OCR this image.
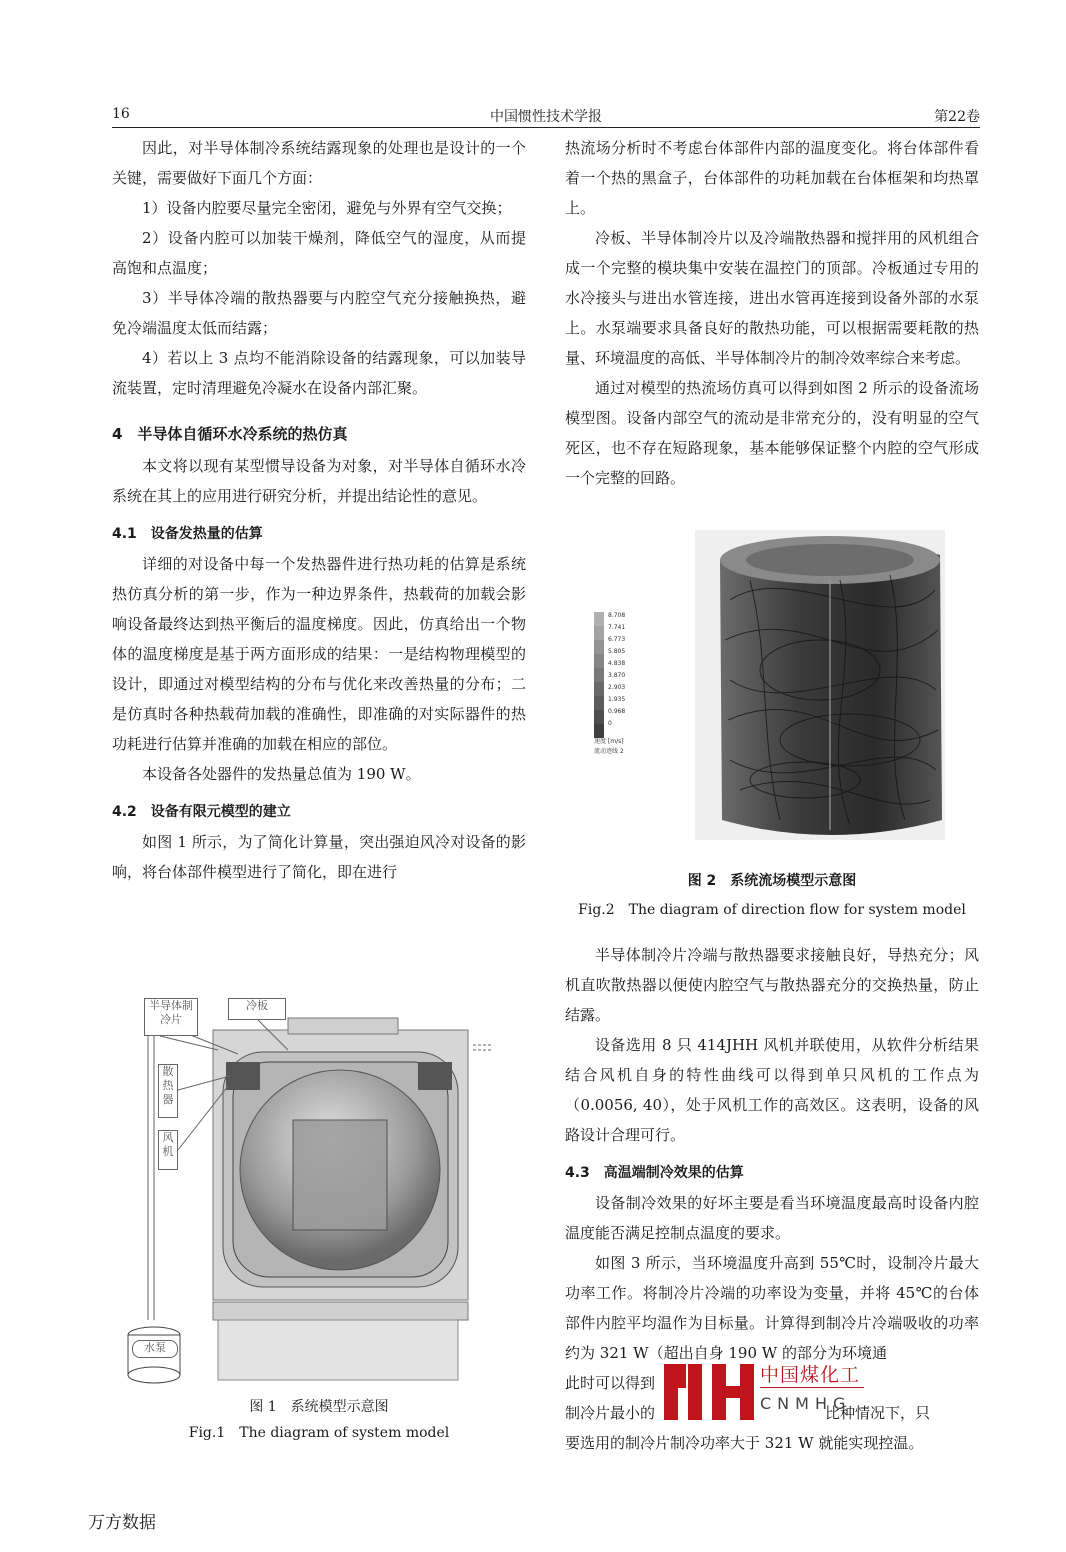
16	中国惯性技术学报	第22卷

因此，对半导体制冷系统结露现象的处理也是设计的一个关键，需要做好下面几个方面：

1）设备内腔要尽量完全密闭，避免与外界有空气交换；

2）设备内腔可以加装干燥剂，降低空气的湿度，从而提高饱和点温度；

3）半导体冷端的散热器要与内腔空气充分接触换热，避免冷端温度太低而结露；

4）若以上 3 点均不能消除设备的结露现象，可以加装导流装置，定时清理避免冷凝水在设备内部汇聚。

4　半导体自循环水冷系统的热仿真

本文将以现有某型惯导设备为对象，对半导体自循环水冷系统在其上的应用进行研究分析，并提出结论性的意见。

4.1　设备发热量的估算

详细的对设备中每一个发热器件进行热功耗的估算是系统热仿真分析的第一步，作为一种边界条件，热载荷的加载会影响设备最终达到热平衡后的温度梯度。因此，仿真给出一个物体的温度梯度是基于两方面形成的结果：一是结构物理模型的设计，即通过对模型结构的分布与优化来改善热量的分布；二是仿真时各种热载荷加载的准确性，即准确的对实际器件的热功耗进行估算并准确的加载在相应的部位。

本设备各处器件的发热量总值为 190 W。

4.2　设备有限元模型的建立

如图 1 所示，为了简化计算量，突出强迫风冷对设备的影响，将台体部件模型进行了简化，即在进行

热流场分析时不考虑台体部件内部的温度变化。将台体部件看着一个热的黑盒子，台体部件的功耗加载在台体框架和均热罩上。

冷板、半导体制冷片以及冷端散热器和搅拌用的风机组合成一个完整的模块集中安装在温控门的顶部。冷板通过专用的水冷接头与进出水管连接，进出水管再连接到设备外部的水泵上。水泵端要求具备良好的散热功能，可以根据需要耗散的热量、环境温度的高低、半导体制冷片的制冷效率综合来考虑。

通过对模型的热流场仿真可以得到如图 2 所示的设备流场模型图。设备内部空气的流动是非常充分的，没有明显的空气死区，也不存在短路现象，基本能够保证整个内腔的空气形成一个完整的回路。

8.708
7.741
6.773
5.805
4.838
3.870
2.903
1.935
0.968
0
速度 [m/s]
流动迹线 2
图 2　系统流场模型示意图
Fig.2　The diagram of direction flow for system model

半导体制冷片冷端与散热器要求接触良好，导热充分；风机直吹散热器以便使内腔空气与散热器充分的交换热量，防止结露。

设备选用 8 只 414JHH 风机并联使用，从软件分析结果结合风机自身的特性曲线可以得到单只风机的工作点为（0.0056, 40），处于风机工作的高效区。这表明，设备的风路设计合理可行。

4.3　高温端制冷效果的估算

设备制冷效果的好坏主要是看当环境温度最高时设备内腔温度能否满足控制点温度的要求。

如图 3 所示，当环境温度升高到 55℃时，设制冷片最大功率工作。将制冷片冷端的功率设为变量，并将 45℃的台体部件内腔平均温作为目标量。计算得到制冷片冷端吸收的功率约为 321 W（超出自身 190 W 的部分为环境通此时可以得到

制冷片最小的	比种情况下，只

要选用的制冷片制冷功率大于 321 W 就能实现控温。

中国煤化工
CNMHG
半导体制冷片
冷板
散热器
风机
水泵
图 1　系统模型示意图
Fig.1　The diagram of system model
万方数据
